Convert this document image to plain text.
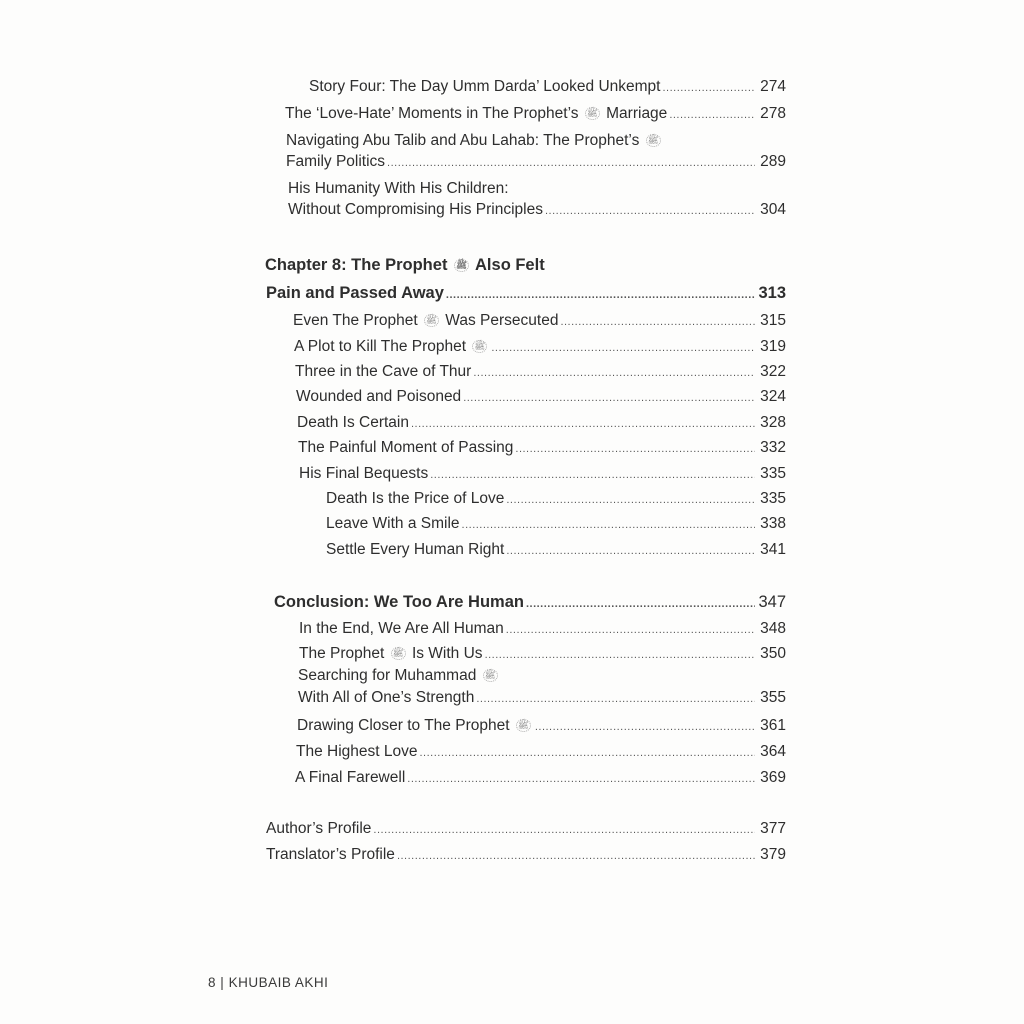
Story Four: The Day Umm Darda’ Looked Unkempt .....	274
The ‘Love-Hate’ Moments in The Prophet’s ﷺ Marriage .....	278
Navigating Abu Talib and Abu Lahab: The Prophet’s ﷺ
Family Politics .....	289
His Humanity With His Children:
Without Compromising His Principles .....	304
Chapter 8: The Prophet ﷺ Also Felt
Pain and Passed Away .....	313
Even The Prophet ﷺ Was Persecuted .....	315
A Plot to Kill The Prophet ﷺ .....	319
Three in the Cave of Thur .....	322
Wounded and Poisoned .....	324
Death Is Certain .....	328
The Painful Moment of Passing .....	332
His Final Bequests .....	335
Death Is the Price of Love .....	335
Leave With a Smile .....	338
Settle Every Human Right .....	341
Conclusion: We Too Are Human .....	347
In the End, We Are All Human .....	348
The Prophet ﷺ Is With Us .....	350
Searching for Muhammad ﷺ
With All of One’s Strength .....	355
Drawing Closer to The Prophet ﷺ .....	361
The Highest Love .....	364
A Final Farewell .....	369
Author’s Profile .....	377
Translator’s Profile .....	379
8 | KHUBAIB AKHI
